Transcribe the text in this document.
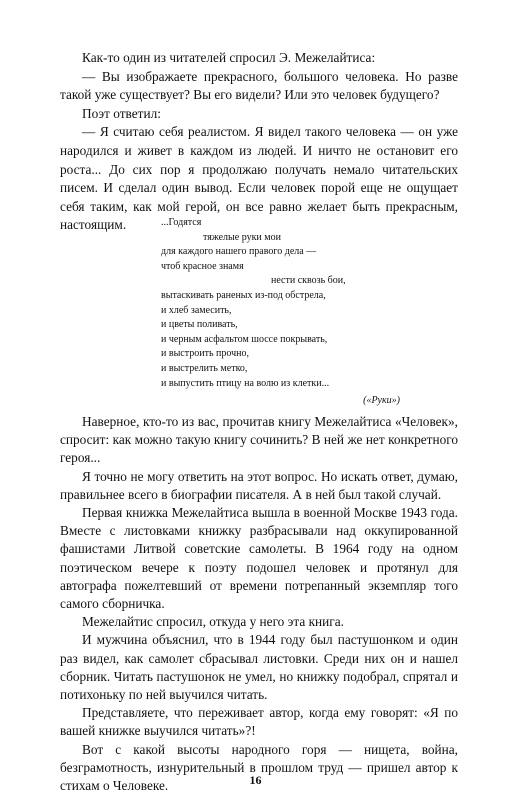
Как-то один из читателей спросил Э. Межелайтиса:

— Вы изображаете прекрасного, большого человека. Но разве такой уже существует? Вы его видели? Или это человек будущего?

Поэт ответил:

— Я считаю себя реалистом. Я видел такого человека — он уже народился и живет в каждом из людей. И ничто не остановит его роста... До сих пор я продолжаю получать немало читательских писем. И сделал один вывод. Если человек порой еще не ощущает себя таким, как мой герой, он все равно желает быть прекрасным, настоящим.	...Годятся
тяжелые руки мои
для каждого нашего правого дела —
чтоб красное знамя
нести сквозь бои,
вытаскивать раненых из-под обстрела,
и хлеб замесить,
и цветы поливать,
и черным асфальтом шоссе покрывать,
и выстроить прочно,
и выстрелить метко,
и выпустить птицу на волю из клетки...
(«Руки»)

Наверное, кто-то из вас, прочитав книгу Межелайтиса «Человек», спросит: как можно такую книгу сочинить? В ней же нет конкретного героя...

Я точно не могу ответить на этот вопрос. Но искать ответ, думаю, правильнее всего в биографии писателя. А в ней был такой случай.

Первая книжка Межелайтиса вышла в военной Москве 1943 года. Вместе с листовками книжку разбрасывали над оккупированной фашистами Литвой советские самолеты. В 1964 году на одном поэтическом вечере к поэту подошел человек и протянул для автографа пожелтевший от времени потрепанный экземпляр того самого сборничка.

Межелайтис спросил, откуда у него эта книга.

И мужчина объяснил, что в 1944 году был пастушонком и один раз видел, как самолет сбрасывал листовки. Среди них он и нашел сборник. Читать пастушонок не умел, но книжку подобрал, спрятал и потихоньку по ней выучился читать.

Представляете, что переживает автор, когда ему говорят: «Я по вашей книжке выучился читать»?!

Вот с какой высоты народного горя — нищета, война, безграмотность, изнурительный в прошлом труд — пришел автор к стихам о Человеке.	16
